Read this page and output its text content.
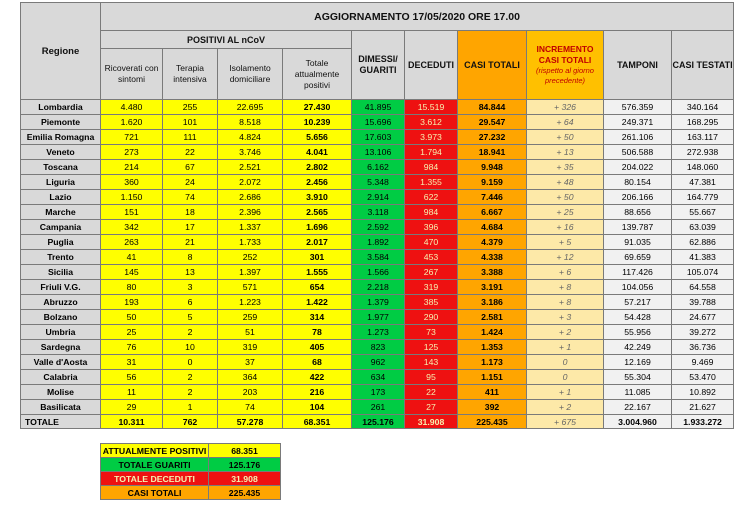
Regione	AGGIORNAMENTO 17/05/2020 ORE 17.00									
	POSITIVI AL nCoV				DIMESSI/ GUARITI	DECEDUTI	CASI TOTALI	INCREMENTO CASI TOTALI
(rispetto al giorno precedente)	TAMPONI	CASI TESTATI
	Ricoverati con sintomi	Terapia intensiva	Isolamento domiciliare	Totale attualmente positivi						
Lombardia	4.480	255	22.695	27.430	41.895	15.519	84.844	+ 326	576.359	340.164
Piemonte	1.620	101	8.518	10.239	15.696	3.612	29.547	+ 64	249.371	168.295
Emilia Romagna	721	111	4.824	5.656	17.603	3.973	27.232	+ 50	261.106	163.117
Veneto	273	22	3.746	4.041	13.106	1.794	18.941	+ 13	506.588	272.938
Toscana	214	67	2.521	2.802	6.162	984	9.948	+ 35	204.022	148.060
Liguria	360	24	2.072	2.456	5.348	1.355	9.159	+ 48	80.154	47.381
Lazio	1.150	74	2.686	3.910	2.914	622	7.446	+ 50	206.166	164.779
Marche	151	18	2.396	2.565	3.118	984	6.667	+ 25	88.656	55.667
Campania	342	17	1.337	1.696	2.592	396	4.684	+ 16	139.787	63.039
Puglia	263	21	1.733	2.017	1.892	470	4.379	+ 5	91.035	62.886
Trento	41	8	252	301	3.584	453	4.338	+ 12	69.659	41.383
Sicilia	145	13	1.397	1.555	1.566	267	3.388	+ 6	117.426	105.074
Friuli V.G.	80	3	571	654	2.218	319	3.191	+ 8	104.056	64.558
Abruzzo	193	6	1.223	1.422	1.379	385	3.186	+ 8	57.217	39.788
Bolzano	50	5	259	314	1.977	290	2.581	+ 3	54.428	24.677
Umbria	25	2	51	78	1.273	73	1.424	+ 2	55.956	39.272
Sardegna	76	10	319	405	823	125	1.353	+ 1	42.249	36.736
Valle d'Aosta	31	0	37	68	962	143	1.173	0	12.169	9.469
Calabria	56	2	364	422	634	95	1.151	0	55.304	53.470
Molise	11	2	203	216	173	22	411	+ 1	11.085	10.892
Basilicata	29	1	74	104	261	27	392	+ 2	22.167	21.627
TOTALE	10.311	762	57.278	68.351	125.176	31.908	225.435	+ 675	3.004.960	1.933.272
ATTUALMENTE POSITIVI	68.351
TOTALE GUARITI	125.176
TOTALE DECEDUTI	31.908
CASI TOTALI	225.435
